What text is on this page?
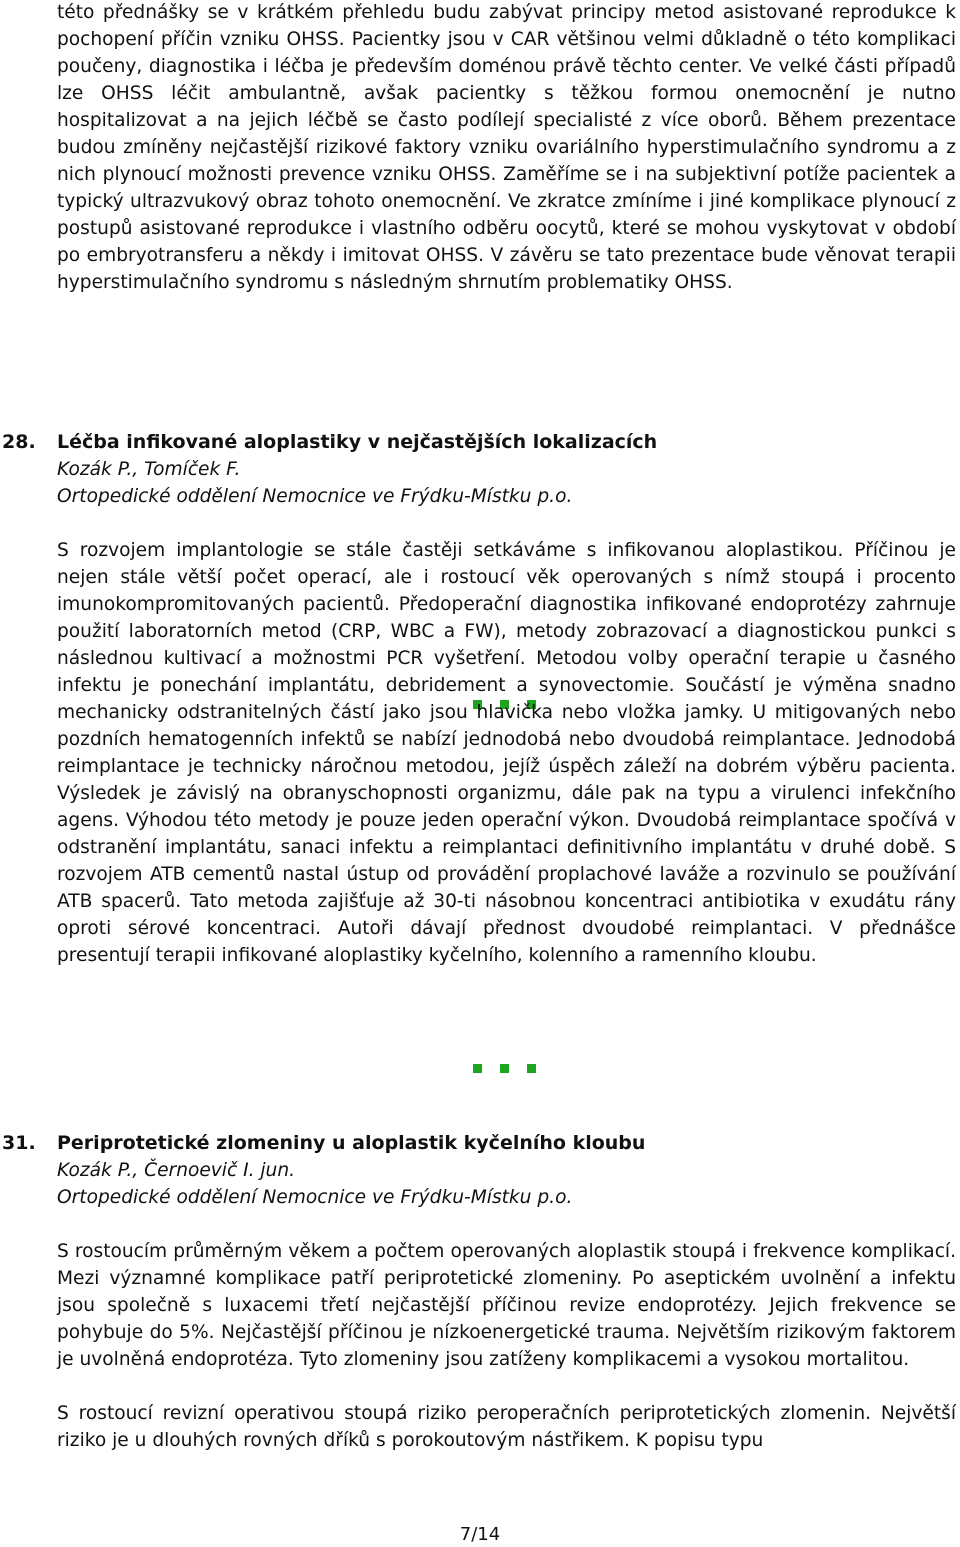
této přednášky se v krátkém přehledu budu zabývat principy metod asistované reprodukce k pochopení příčin vzniku OHSS. Pacientky jsou v CAR většinou velmi důkladně o této komplikaci poučeny, diagnostika i léčba je především doménou právě těchto center. Ve velké části případů lze OHSS léčit ambulantně, avšak pacientky s těžkou formou onemocnění je nutno hospitalizovat a na jejich léčbě se často podílejí specialisté z více oborů. Během prezentace budou zmíněny nejčastější rizikové faktory vzniku ovariálního hyperstimulačního syndromu a z nich plynoucí možnosti prevence vzniku OHSS. Zaměříme se i na subjektivní potíže pacientek a typický ultrazvukový obraz tohoto onemocnění. Ve zkratce zmíníme i jiné komplikace plynoucí z postupů asistované reprodukce i vlastního odběru oocytů, které se mohou vyskytovat v období po embryotransferu a někdy i imitovat OHSS. V závěru se tato prezentace bude věnovat terapii hyperstimulačního syndromu s následným shrnutím problematiky OHSS.

28. Léčba infikované aloplastiky v nejčastějších lokalizacích

Kozák P., Tomíček F.

Ortopedické oddělení Nemocnice ve Frýdku-Místku p.o.

S rozvojem implantologie se stále častěji setkáváme s infikovanou aloplastikou. Příčinou je nejen stále větší počet operací, ale i rostoucí věk operovaných s nímž stoupá i procento imunokompromitovaných pacientů. Předoperační diagnostika infikované endoprotézy zahrnuje použití laboratorních metod (CRP, WBC a FW), metody zobrazovací a diagnostickou punkci s následnou kultivací a možnostmi PCR vyšetření. Metodou volby operační terapie u časného infektu je ponechání implantátu, debridement a synovectomie. Součástí je výměna snadno mechanicky odstranitelných částí jako jsou hlavička nebo vložka jamky. U mitigovaných nebo pozdních hematogenních infektů se nabízí jednodobá nebo dvoudobá reimplantace. Jednodobá reimplantace je technicky náročnou metodou, jejíž úspěch záleží na dobrém výběru pacienta. Výsledek je závislý na obranyschopnosti organizmu, dále pak na typu a virulenci infekčního agens. Výhodou této metody je pouze jeden operační výkon. Dvoudobá reimplantace spočívá v odstranění implantátu, sanaci infektu a reimplantaci definitivního implantátu v druhé době. S rozvojem ATB cementů nastal ústup od provádění proplachové laváže a rozvinulo se používání ATB spacerů. Tato metoda zajišťuje až 30-ti násobnou koncentraci antibiotika v exudátu rány oproti sérové koncentraci. Autoři dávají přednost dvoudobé reimplantaci. V přednášce presentují terapii infikované aloplastiky kyčelního, kolenního a ramenního kloubu.

31. Periprotetické zlomeniny u aloplastik kyčelního kloubu

Kozák P., Černoevič I. jun.

Ortopedické oddělení Nemocnice ve Frýdku-Místku p.o.

S rostoucím průměrným věkem a počtem operovaných aloplastik stoupá i frekvence komplikací. Mezi významné komplikace patří periprotetické zlomeniny. Po aseptickém uvolnění a infektu jsou společně s luxacemi třetí nejčastější příčinou revize endoprotézy. Jejich frekvence se pohybuje do 5%. Nejčastější příčinou je nízkoenergetické trauma. Největším rizikovým faktorem je uvolněná endoprotéza. Tyto zlomeniny jsou zatíženy komplikacemi a vysokou mortalitou.

S rostoucí revizní operativou stoupá riziko peroperačních periprotetických zlomenin. Největší riziko je u dlouhých rovných dříků s porokoutovým nástřikem. K popisu typu

7/14
